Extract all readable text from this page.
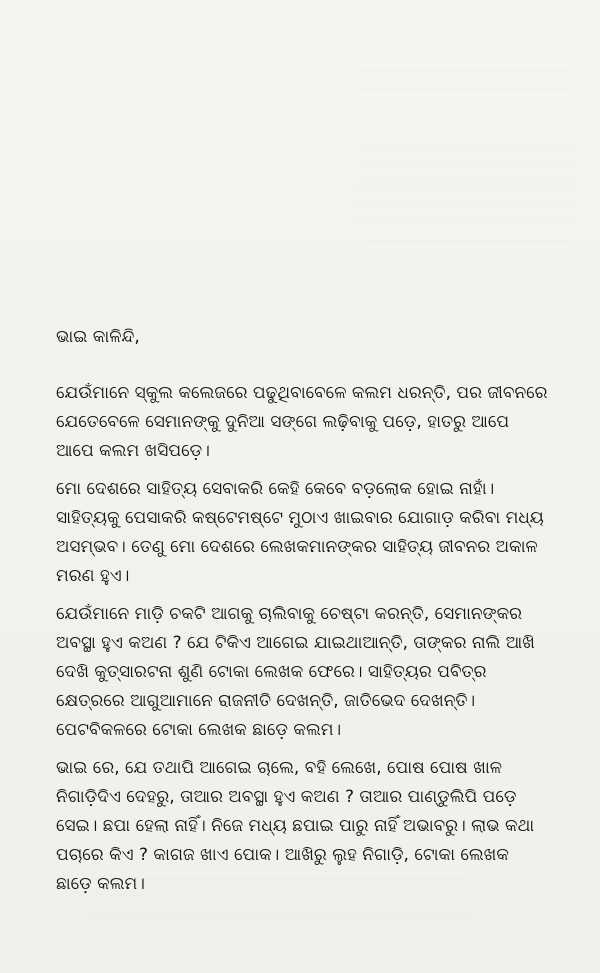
ଭାଇ କାଳିନ୍ଦି,

ଯେଉଁମାନେ ସ୍କୁଲ କଲେଜରେ ପଢୁଥିବାବେଳେ କଲମ ଧରନ୍ତି, ପର ଜୀବନରେ ଯେତେବେଳେ ସେମାନଙ୍କୁ ଦୁନିଆ ସଙ୍ଗେ ଲଢ଼ିବାକୁ ପଡ଼େ, ହାତରୁ ଆପେ ଆପେ କଲମ ଖସିପଡ଼େ।

ମୋ ଦେଶରେ ସାହିତ୍ୟ ସେବାକରି କେହି କେବେ ବଡ଼ଲୋକ ହୋଇ ନାହାଁ। ସାହିତ୍ୟକୁ ପେସାକରି କଷ୍ଟେମଷ୍ଟେ ମୁଠାଏ ଖାଇବାର ଯୋଗାଡ଼ କରିବା ମଧ୍ୟ ଅସମ୍ଭବ। ତେଣୁ ମୋ ଦେଶରେ ଲେଖକମାନଙ୍କର ସାହିତ୍ୟ ଜୀବନର ଅକାଳ ମରଣ ହୁଏ।

ଯେଉଁମାନେ ମାଡ଼ି ଚକଟି ଆଗକୁ ଚାଲିବାକୁ ଚେଷ୍ଟା କରନ୍ତି, ସେମାନଙ୍କର ଅବସ୍ଥା ହୁଏ କଅଣ ? ଯେ ଟିକିଏ ଆଗେଇ ଯାଇଥାଆନ୍ତି, ତାଙ୍କର ନାଲି ଆଖି ଦେଖି କୁତ୍ସାରଟନା ଶୁଣି ଟୋକା ଲେଖକ ଫେରେ। ସାହିତ୍ୟର ପବିତ୍ର କ୍ଷେତ୍ରରେ ଆଗୁଆମାନେ ରାଜନୀତି ଦେଖନ୍ତି, ଜାତିଭେଦ ଦେଖନ୍ତି। ପେଟବିକଳରେ ଟୋକା ଲେଖକ ଛାଡ଼େ କଲମ।

ଭାଇ ରେ, ଯେ ତଥାପି ଆଗେଇ ଚାଲେ, ବହି ଲେଖେ, ପୋଷ ପୋଷ ଖାଳ ନିଗାଡ଼ିଦିଏ ଦେହରୁ, ତାଆର ଅବସ୍ଥା ହୁଏ କଅଣ ? ତାଆର ପାଣ୍ଡୁଲିପି ପଡ଼େ ସେଇ। ଛପା ହେଲା ନାହିଁ। ନିଜେ ମଧ୍ୟ ଛପାଇ ପାରୁ ନାହିଁ ଅଭାବରୁ। ଲାଭ କଥା ପଚାରେ କିଏ ? କାଗଜ ଖାଏ ପୋକ। ଆଖିରୁ ଲୁହ ନିଗାଡ଼ି, ଟୋକା ଲେଖକ ଛାଡ଼େ କଲମ।
